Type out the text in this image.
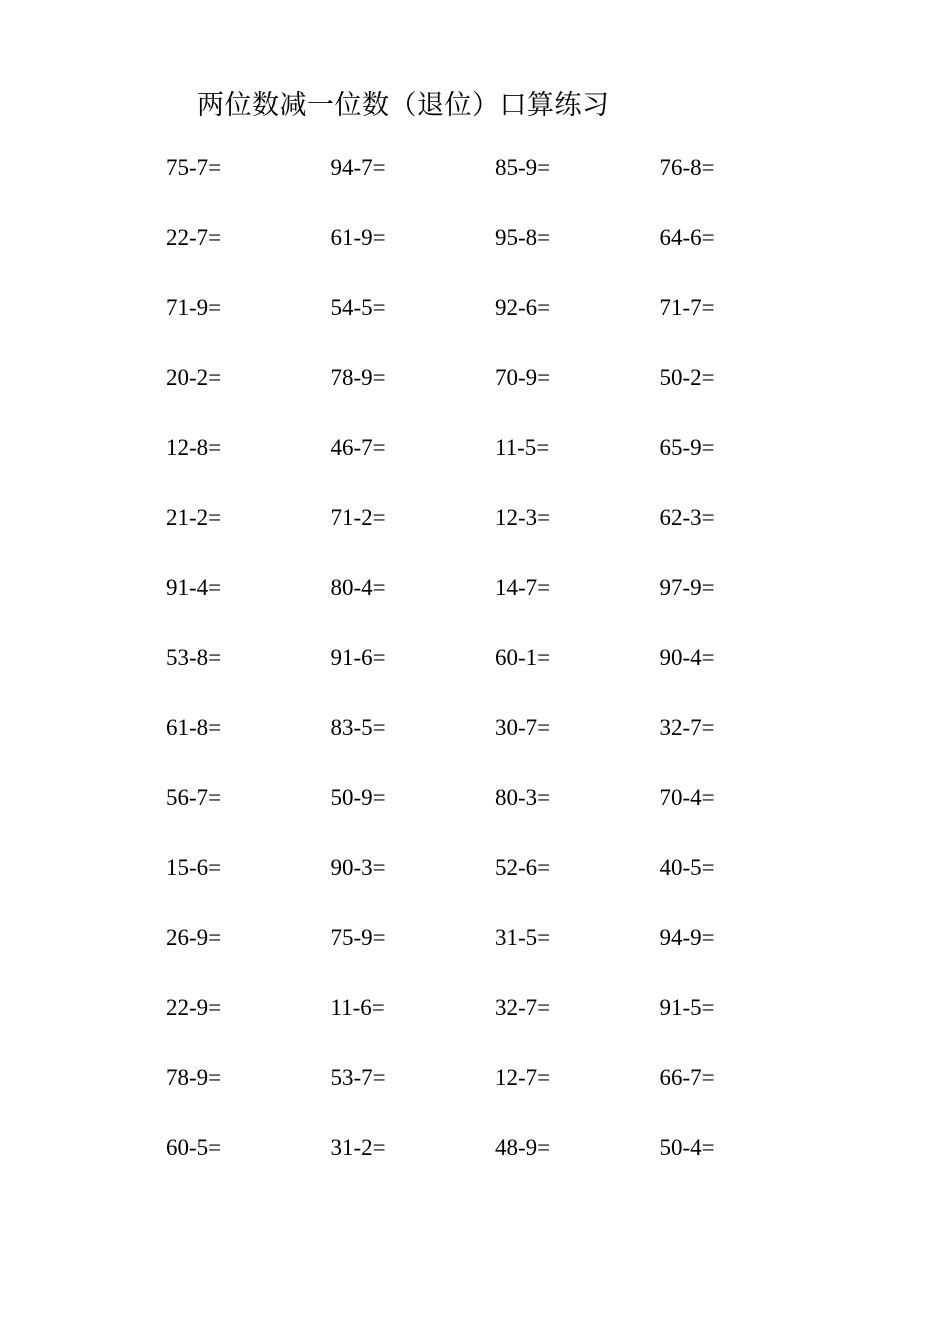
两位数减一位数（退位）口算练习
75-7=	94-7=	85-9=	76-8=
22-7=	61-9=	95-8=	64-6=
71-9=	54-5=	92-6=	71-7=
20-2=	78-9=	70-9=	50-2=
12-8=	46-7=	11-5=	65-9=
21-2=	71-2=	12-3=	62-3=
91-4=	80-4=	14-7=	97-9=
53-8=	91-6=	60-1=	90-4=
61-8=	83-5=	30-7=	32-7=
56-7=	50-9=	80-3=	70-4=
15-6=	90-3=	52-6=	40-5=
26-9=	75-9=	31-5=	94-9=
22-9=	11-6=	32-7=	91-5=
78-9=	53-7=	12-7=	66-7=
60-5=	31-2=	48-9=	50-4=
